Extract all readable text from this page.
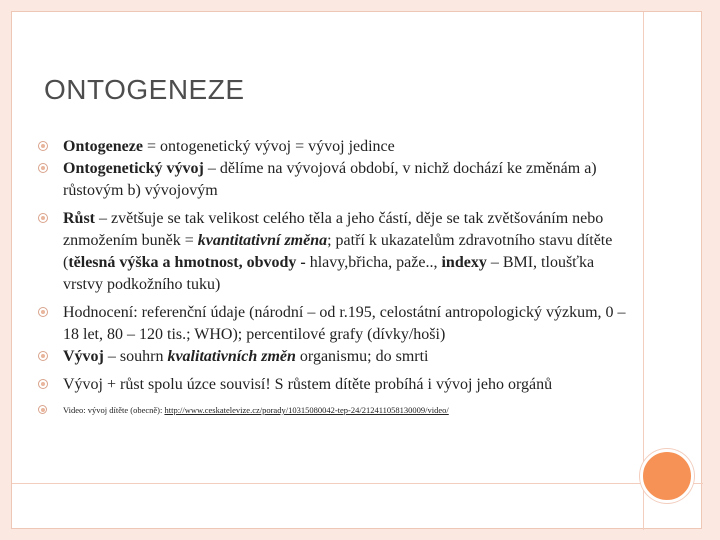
ONTOGENEZE
Ontogeneze = ontogenetický vývoj = vývoj jedince
Ontogenetický vývoj – dělíme na vývojová období, v nichž dochází ke změnám a) růstovým b) vývojovým
Růst – zvětšuje se tak velikost celého těla a jeho částí, děje se tak zvětšováním nebo znmožením buněk = kvantitativní změna; patří k ukazatelům zdravotního stavu dítěte (tělesná výška a hmotnost, obvody - hlavy,břicha, paže.., indexy – BMI, tloušťka vrstvy podkožního tuku)
Hodnocení: referenční údaje (národní – od r.195, celostátní antropologický výzkum, 0 – 18 let, 80 – 120 tis.; WHO); percentilové grafy (dívky/hoši)
Vývoj – souhrn kvalitativních změn organismu; do smrti
Vývoj + růst spolu úzce souvisí! S růstem dítěte probíhá i vývoj jeho orgánů
Video: vývoj dítěte (obecně): http://www.ceskatelevize.cz/porady/10315080042-tep-24/212411058130009/video/
